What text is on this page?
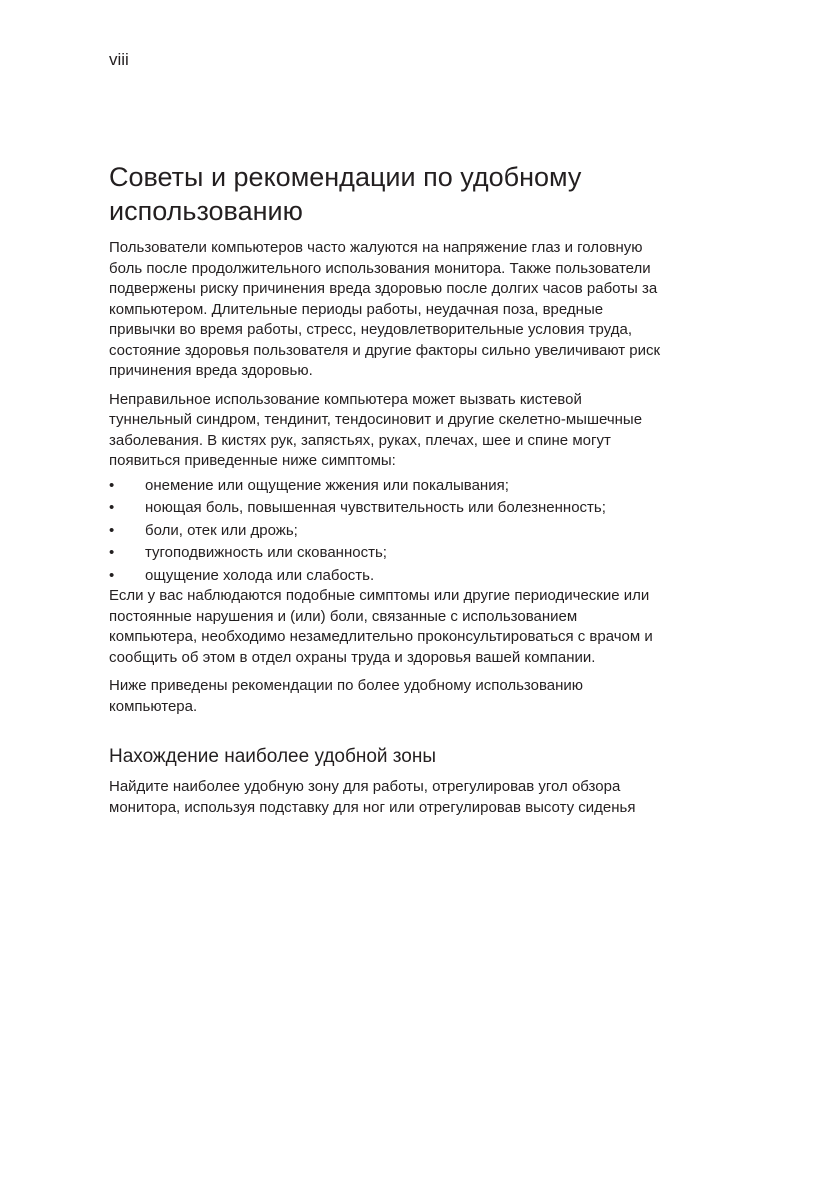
viii
Советы и рекомендации по удобному
использованию

Пользователи компьютеров часто жалуются на напряжение глаз и головную
боль после продолжительного использования монитора. Также пользователи
подвержены риску причинения вреда здоровью после долгих часов работы за
компьютером. Длительные периоды работы, неудачная поза, вредные
привычки во время работы, стресс, неудовлетворительные условия труда,
состояние здоровья пользователя и другие факторы сильно увеличивают риск
причинения вреда здоровью.

Неправильное использование компьютера может вызвать кистевой
туннельный синдром, тендинит, тендосиновит и другие скелетно-мышечные
заболевания. В кистях рук, запястьях, руках, плечах, шее и спине могут
появиться приведенные ниже симптомы:

• онемение или ощущение жжения или покалывания;
• ноющая боль, повышенная чувствительность или болезненность;
• боли, отек или дрожь;
• тугоподвижность или скованность;
• ощущение холода или слабость.

Если у вас наблюдаются подобные симптомы или другие периодические или
постоянные нарушения и (или) боли, связанные с использованием
компьютера, необходимо незамедлительно проконсультироваться с врачом и
сообщить об этом в отдел охраны труда и здоровья вашей компании.

Ниже приведены рекомендации по более удобному использованию
компьютера.

Нахождение наиболее удобной зоны

Найдите наиболее удобную зону для работы, отрегулировав угол обзора
монитора, используя подставку для ног или отрегулировав высоту сиденья
